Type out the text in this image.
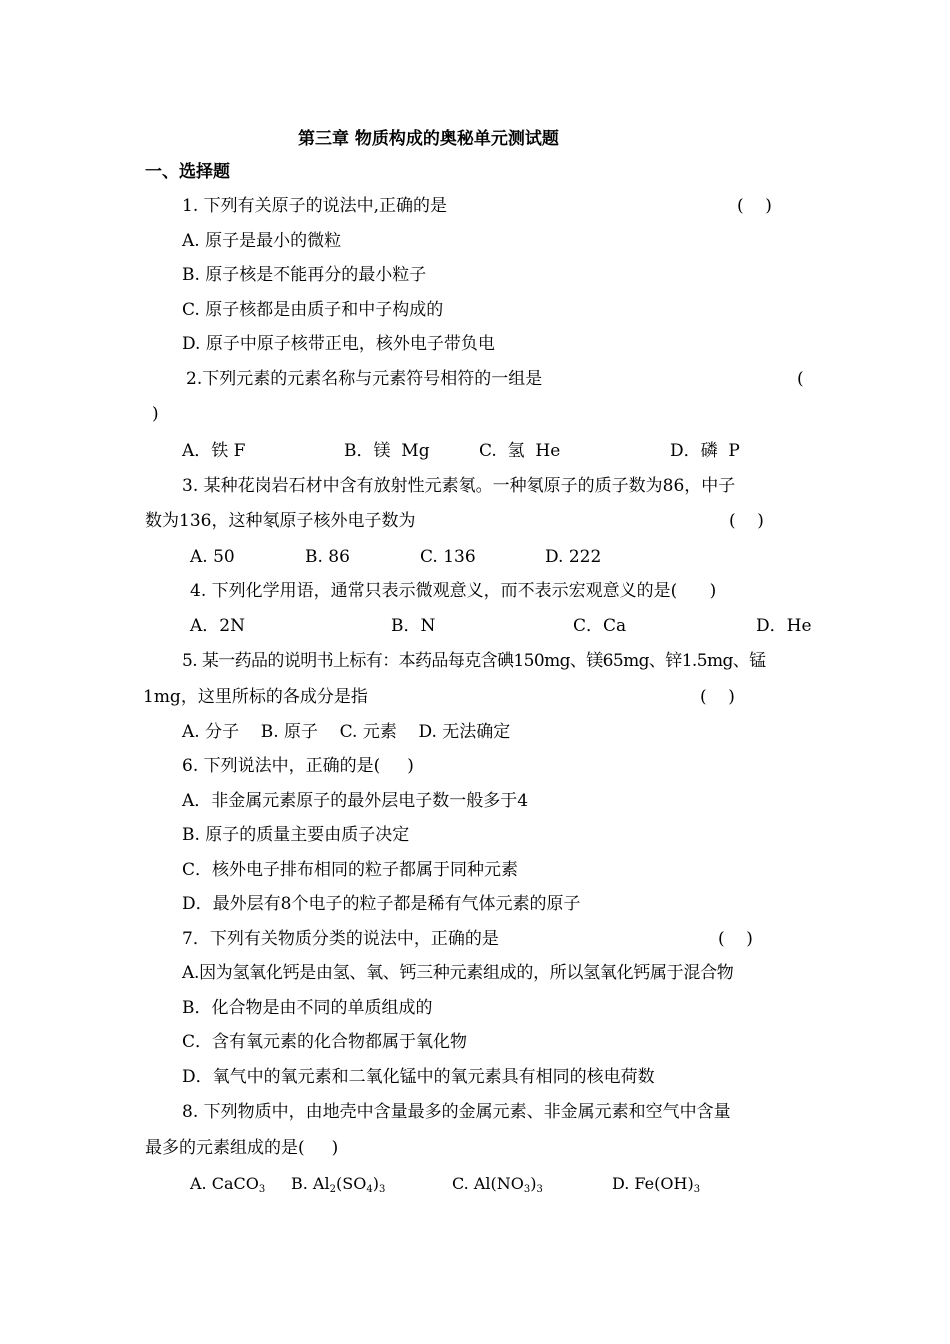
第三章 物质构成的奥秘单元测试题
一、选择题
1. 下列有关原子的说法中,正确的是	(    )
A. 原子是最小的微粒
B. 原子核是不能再分的最小粒子
C. 原子核都是由质子和中子构成的
D. 原子中原子核带正电，核外电子带负电
2.下列元素的元素名称与元素符号相符的一组是	(
)
A．铁 F	B．镁  Mg	C.  氢  He	D．磷  P
3. 某种花岗岩石材中含有放射性元素氡。一种氡原子的质子数为86，中子
数为136，这种氡原子核外电子数为	(    )
A. 50	B. 86	C. 136	D. 222
4. 下列化学用语，通常只表示微观意义，而不表示宏观意义的是(      )
A．2N	B．N	C．Ca	D．He
5. 某一药品的说明书上标有：本药品每克含碘150mg、镁65mg、锌1.5mg、锰
1mg，这里所标的各成分是指	(    )
A. 分子    B. 原子    C. 元素    D. 无法确定
6. 下列说法中，正确的是(     )
A．非金属元素原子的最外层电子数一般多于4
B. 原子的质量主要由质子决定
C．核外电子排布相同的粒子都属于同种元素
D．最外层有8个电子的粒子都是稀有气体元素的原子
7．下列有关物质分类的说法中，正确的是	(    )
A.因为氢氧化钙是由氢、氧、钙三种元素组成的，所以氢氧化钙属于混合物
B．化合物是由不同的单质组成的
C．含有氧元素的化合物都属于氧化物
D．氧气中的氧元素和二氧化锰中的氧元素具有相同的核电荷数
8. 下列物质中，由地壳中含量最多的金属元素、非金属元素和空气中含量
最多的元素组成的是(     )
A. CaCO$_3$ B. $Al_2(SO_4)_3$	C. $Al(NO_3)_3$	D. $Fe(OH)_3$
